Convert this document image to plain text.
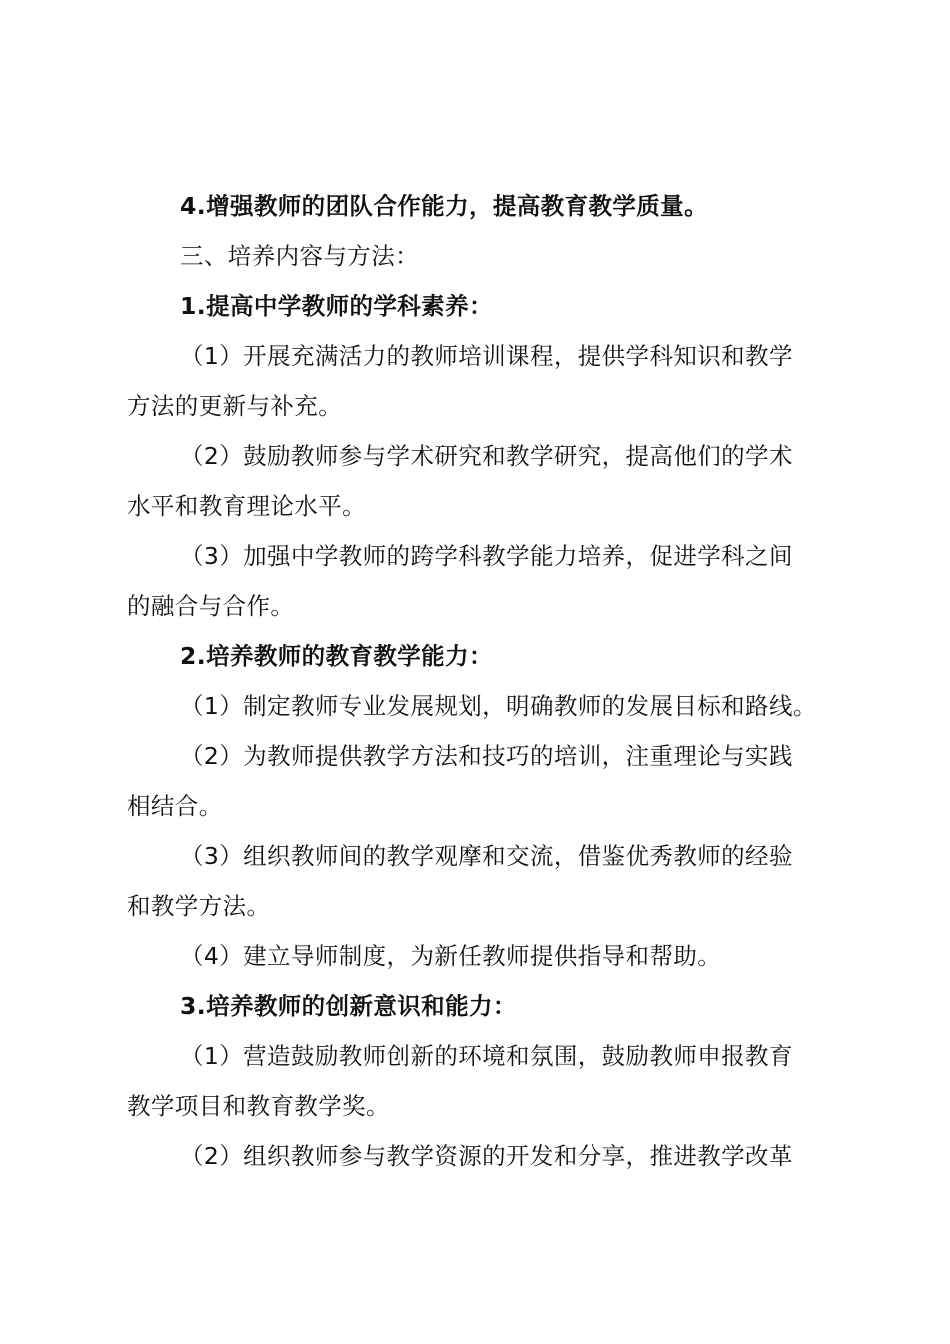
4.增强教师的团队合作能力，提高教育教学质量。
三、培养内容与方法：
1.提高中学教师的学科素养：
（1）开展充满活力的教师培训课程，提供学科知识和教学
方法的更新与补充。
（2）鼓励教师参与学术研究和教学研究，提高他们的学术
水平和教育理论水平。
（3）加强中学教师的跨学科教学能力培养，促进学科之间
的融合与合作。
2.培养教师的教育教学能力：
（1）制定教师专业发展规划，明确教师的发展目标和路线。
（2）为教师提供教学方法和技巧的培训，注重理论与实践
相结合。
（3）组织教师间的教学观摩和交流，借鉴优秀教师的经验
和教学方法。
（4）建立导师制度，为新任教师提供指导和帮助。
3.培养教师的创新意识和能力：
（1）营造鼓励教师创新的环境和氛围，鼓励教师申报教育
教学项目和教育教学奖。
（2）组织教师参与教学资源的开发和分享，推进教学改革
